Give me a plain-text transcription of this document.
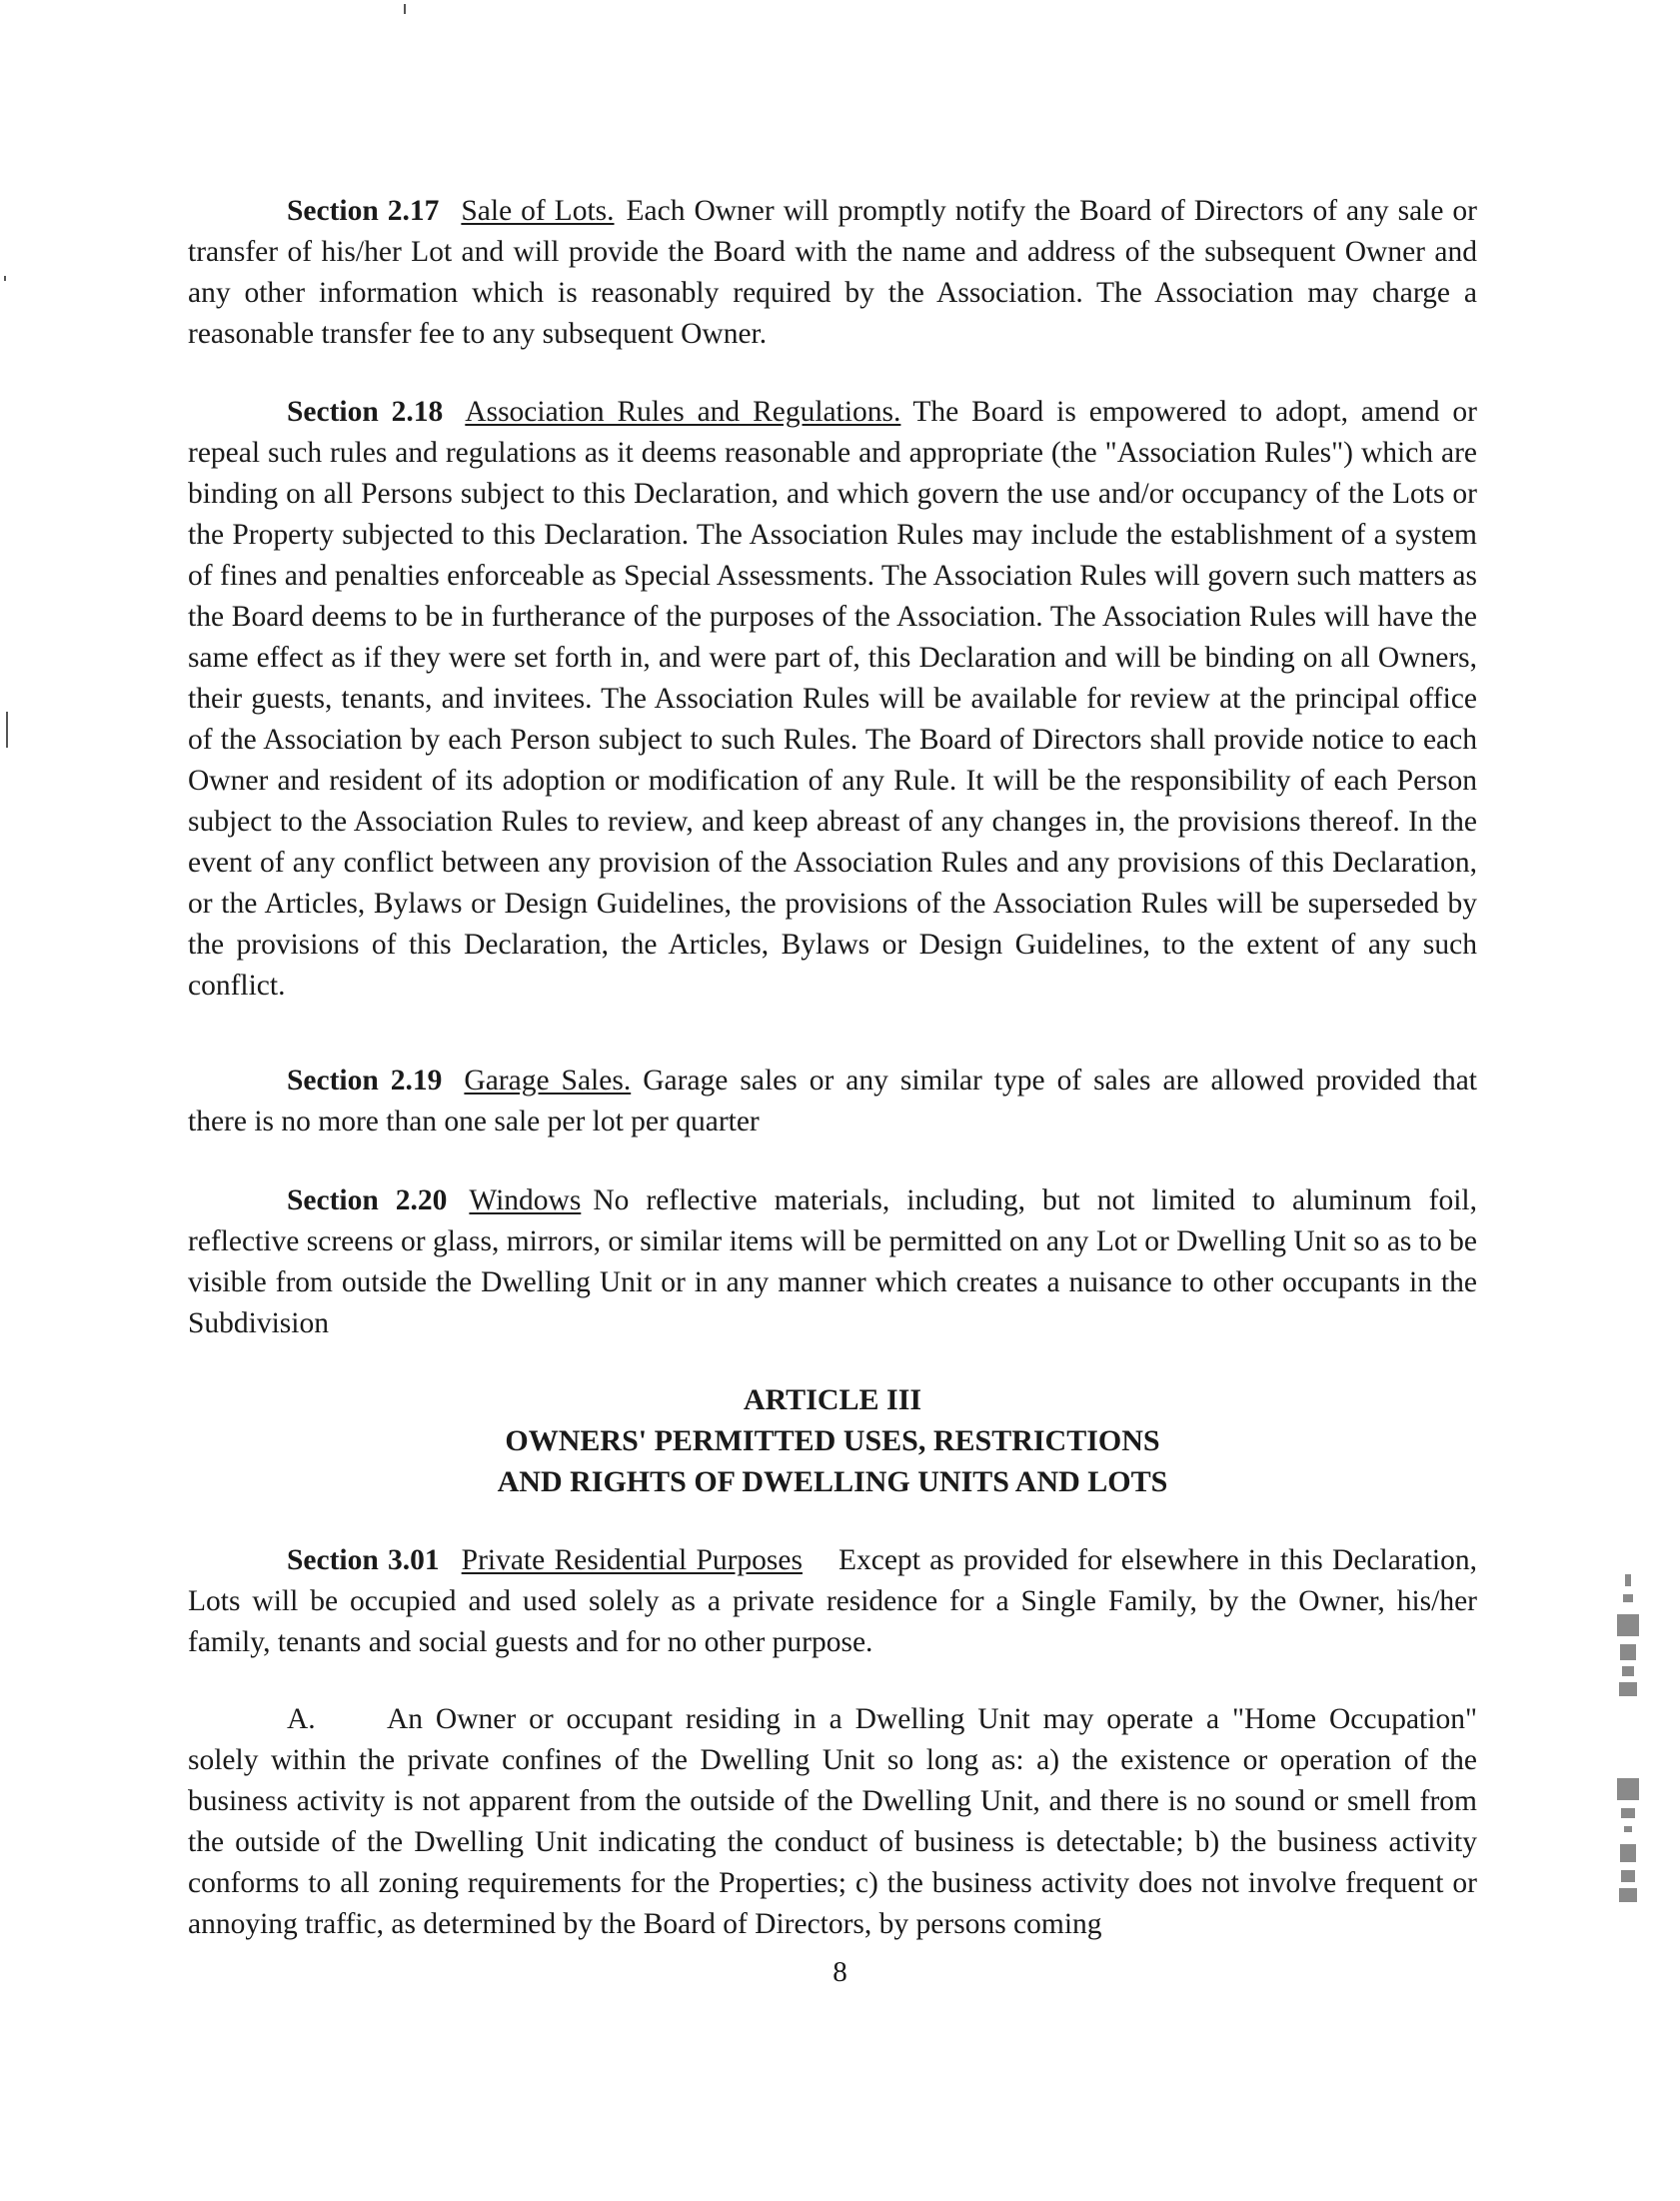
Section 2.17 Sale of Lots. Each Owner will promptly notify the Board of Directors of any sale or transfer of his/her Lot and will provide the Board with the name and address of the subsequent Owner and any other information which is reasonably required by the Association. The Association may charge a reasonable transfer fee to any subsequent Owner.

Section 2.18 Association Rules and Regulations. The Board is empowered to adopt, amend or repeal such rules and regulations as it deems reasonable and appropriate (the "Association Rules") which are binding on all Persons subject to this Declaration, and which govern the use and/or occupancy of the Lots or the Property subjected to this Declaration. The Association Rules may include the establishment of a system of fines and penalties enforceable as Special Assessments. The Association Rules will govern such matters as the Board deems to be in furtherance of the purposes of the Association. The Association Rules will have the same effect as if they were set forth in, and were part of, this Declaration and will be binding on all Owners, their guests, tenants, and invitees. The Association Rules will be available for review at the principal office of the Association by each Person subject to such Rules. The Board of Directors shall provide notice to each Owner and resident of its adoption or modification of any Rule. It will be the responsibility of each Person subject to the Association Rules to review, and keep abreast of any changes in, the provisions thereof. In the event of any conflict between any provision of the Association Rules and any provisions of this Declaration, or the Articles, Bylaws or Design Guidelines, the provisions of the Association Rules will be superseded by the provisions of this Declaration, the Articles, Bylaws or Design Guidelines, to the extent of any such conflict.

Section 2.19 Garage Sales. Garage sales or any similar type of sales are allowed provided that there is no more than one sale per lot per quarter

Section 2.20 Windows No reflective materials, including, but not limited to aluminum foil, reflective screens or glass, mirrors, or similar items will be permitted on any Lot or Dwelling Unit so as to be visible from outside the Dwelling Unit or in any manner which creates a nuisance to other occupants in the Subdivision

ARTICLE III
OWNERS' PERMITTED USES, RESTRICTIONS
AND RIGHTS OF DWELLING UNITS AND LOTS

Section 3.01 Private Residential Purposes Except as provided for elsewhere in this Declaration, Lots will be occupied and used solely as a private residence for a Single Family, by the Owner, his/her family, tenants and social guests and for no other purpose.

A. An Owner or occupant residing in a Dwelling Unit may operate a "Home Occupation" solely within the private confines of the Dwelling Unit so long as: a) the existence or operation of the business activity is not apparent from the outside of the Dwelling Unit, and there is no sound or smell from the outside of the Dwelling Unit indicating the conduct of business is detectable; b) the business activity conforms to all zoning requirements for the Properties; c) the business activity does not involve frequent or annoying traffic, as determined by the Board of Directors, by persons coming

8
